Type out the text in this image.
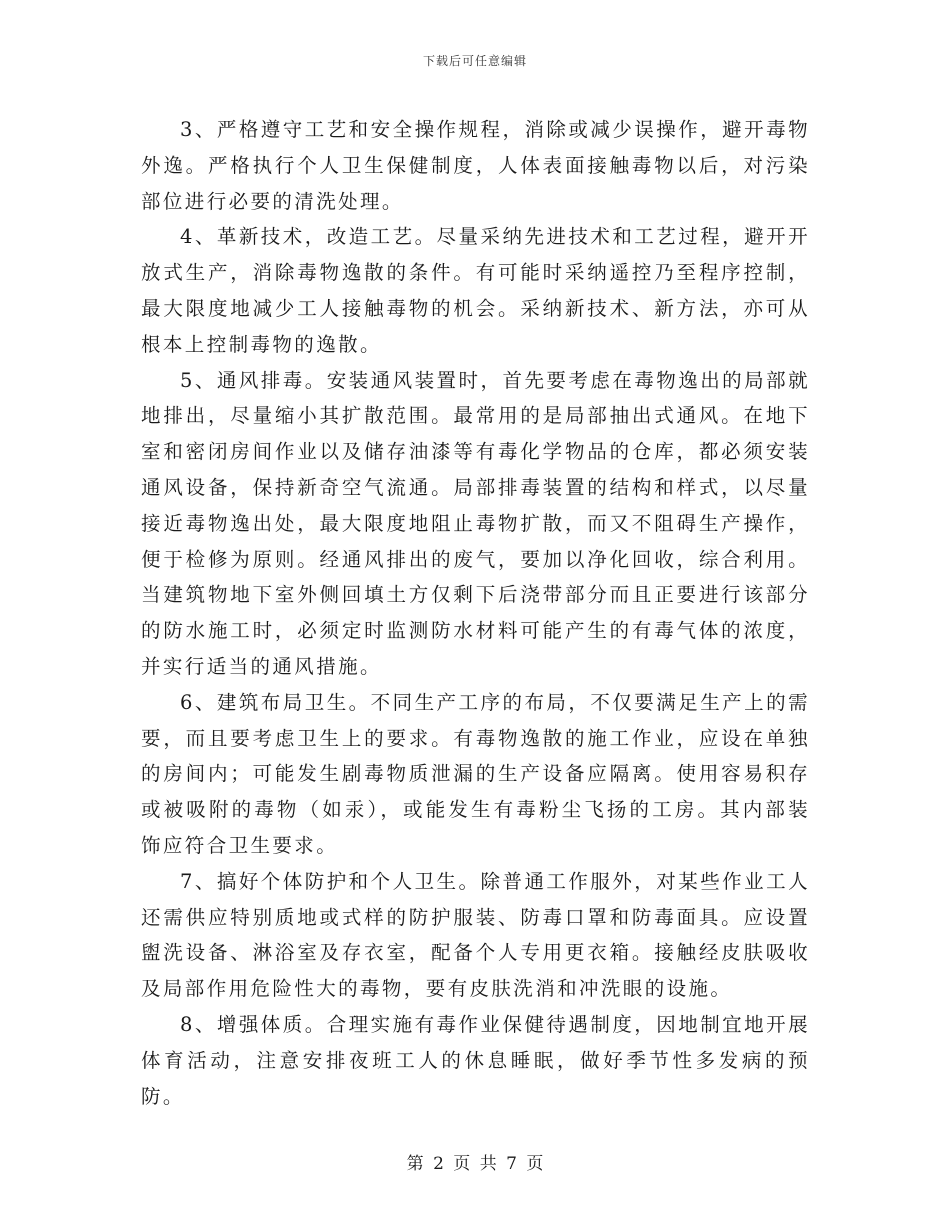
下载后可任意编辑

3、严格遵守工艺和安全操作规程，消除或减少误操作，避开毒物外逸。严格执行个人卫生保健制度，人体表面接触毒物以后，对污染部位进行必要的清洗处理。

4、革新技术，改造工艺。尽量采纳先进技术和工艺过程，避开开放式生产，消除毒物逸散的条件。有可能时采纳遥控乃至程序控制，最大限度地减少工人接触毒物的机会。采纳新技术、新方法，亦可从根本上控制毒物的逸散。

5、通风排毒。安装通风装置时，首先要考虑在毒物逸出的局部就地排出，尽量缩小其扩散范围。最常用的是局部抽出式通风。在地下室和密闭房间作业以及储存油漆等有毒化学物品的仓库，都必须安装通风设备，保持新奇空气流通。局部排毒装置的结构和样式，以尽量接近毒物逸出处，最大限度地阻止毒物扩散，而又不阻碍生产操作，便于检修为原则。经通风排出的废气，要加以净化回收，综合利用。当建筑物地下室外侧回填土方仅剩下后浇带部分而且正要进行该部分的防水施工时，必须定时监测防水材料可能产生的有毒气体的浓度，并实行适当的通风措施。

6、建筑布局卫生。不同生产工序的布局，不仅要满足生产上的需要，而且要考虑卫生上的要求。有毒物逸散的施工作业，应设在单独的房间内；可能发生剧毒物质泄漏的生产设备应隔离。使用容易积存或被吸附的毒物（如汞），或能发生有毒粉尘飞扬的工房。其内部装饰应符合卫生要求。

7、搞好个体防护和个人卫生。除普通工作服外，对某些作业工人还需供应特别质地或式样的防护服装、防毒口罩和防毒面具。应设置盥洗设备、淋浴室及存衣室，配备个人专用更衣箱。接触经皮肤吸收及局部作用危险性大的毒物，要有皮肤洗消和冲洗眼的设施。

8、增强体质。合理实施有毒作业保健待遇制度，因地制宜地开展体育活动，注意安排夜班工人的休息睡眠，做好季节性多发病的预防。

第 2 页 共 7 页
